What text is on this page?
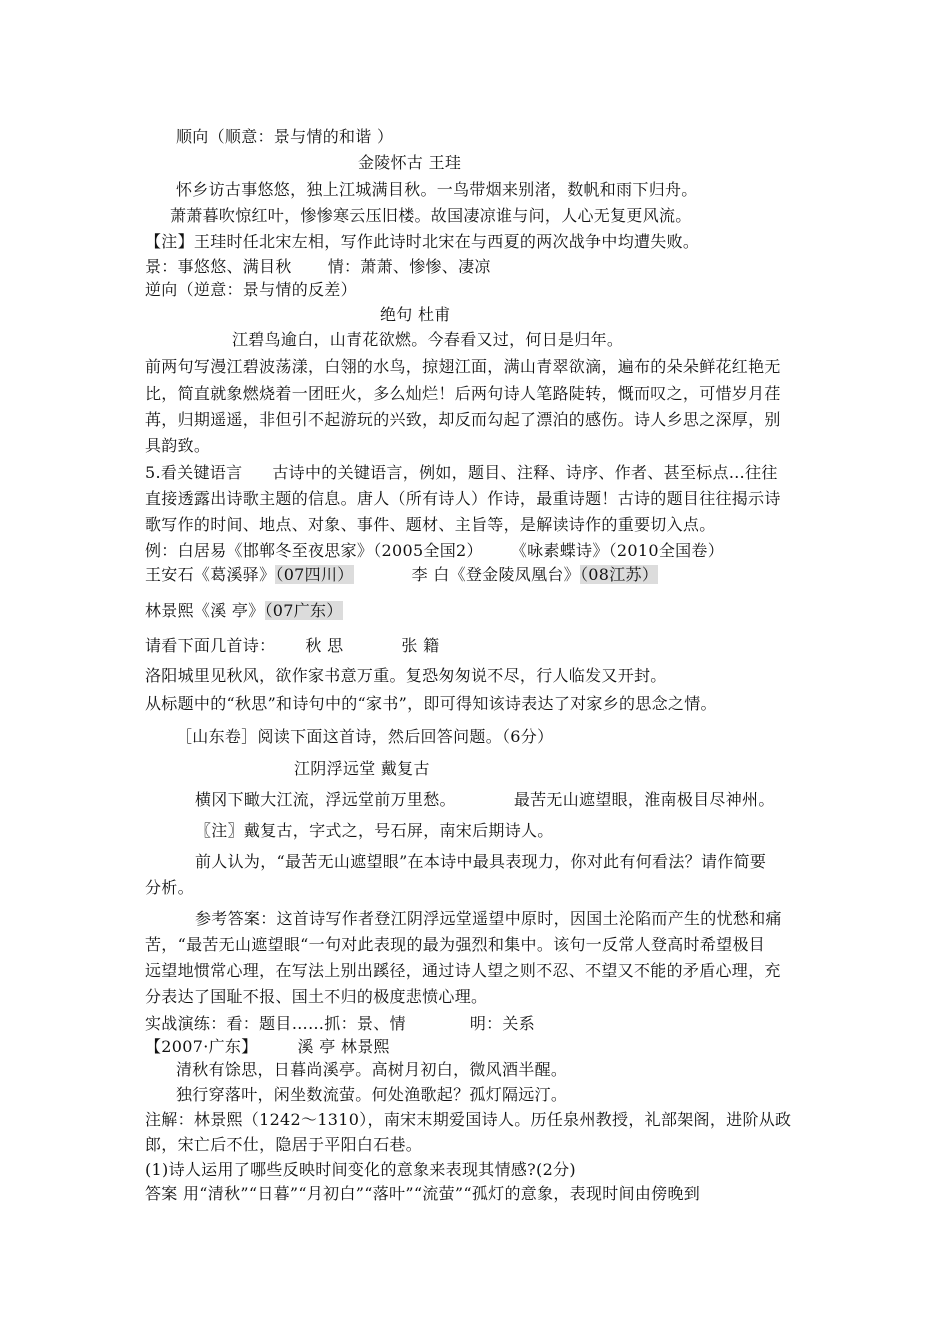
顺向（顺意：景与情的和谐 ）
金陵怀古 王珪
怀乡访古事悠悠，独上江城满目秋。一鸟带烟来别渚，数帆和雨下归舟。
萧萧暮吹惊红叶，惨惨寒云压旧楼。故国凄凉谁与问，人心无复更风流。
【注】王珪时任北宋左相，写作此诗时北宋在与西夏的两次战争中均遭失败。
景：事悠悠、满目秋 情：萧萧、惨惨、凄凉
逆向（逆意：景与情的反差）
绝句 杜甫
江碧鸟逾白，山青花欲燃。今春看又过，何日是归年。
前两句写漫江碧波荡漾，白翎的水鸟，掠翅江面，满山青翠欲滴，遍布的朵朵鲜花红艳无
比，简直就象燃烧着一团旺火，多么灿烂！后两句诗人笔路陡转，慨而叹之，可惜岁月荏
苒，归期遥遥，非但引不起游玩的兴致，却反而勾起了漂泊的感伤。诗人乡思之深厚，别
具韵致。
5.看关键语言 古诗中的关键语言，例如，题目、注释、诗序、作者、甚至标点…往往
直接透露出诗歌主题的信息。唐人（所有诗人）作诗，最重诗题！古诗的题目往往揭示诗
歌写作的时间、地点、对象、事件、题材、主旨等，是解读诗作的重要切入点。
例：白居易《邯郸冬至夜思家》（2005全国2） 《咏素蝶诗》（2010全国卷）
王安石《葛溪驿》（07四川）	李 白《登金陵凤凰台》（08江苏）
林景熙《溪 亭》（07广东）
请看下面几首诗： 秋 思	张 籍
洛阳城里见秋风，欲作家书意万重。复恐匆匆说不尽，行人临发又开封。
从标题中的“秋思”和诗句中的“家书”，即可得知该诗表达了对家乡的思念之情。
［山东卷］阅读下面这首诗，然后回答问题。（6分）
江阴浮远堂 戴复古
横冈下瞰大江流，浮远堂前万里愁。	最苦无山遮望眼，淮南极目尽神州。
〖注〗戴复古，字式之，号石屏，南宋后期诗人。
前人认为，“最苦无山遮望眼”在本诗中最具表现力，你对此有何看法？请作简要
分析。
参考答案：这首诗写作者登江阴浮远堂遥望中原时，因国土沦陷而产生的忧愁和痛
苦，“最苦无山遮望眼“一句对此表现的最为强烈和集中。该句一反常人登高时希望极目
远望地惯常心理，在写法上别出蹊径，通过诗人望之则不忍、不望又不能的矛盾心理，充
分表达了国耻不报、国土不归的极度悲愤心理。
实战演练：看：题目……抓：景、情	明：关系
【2007·广东】	溪 亭 林景熙
清秋有馀思，日暮尚溪亭。高树月初白，微风酒半醒。
独行穿落叶，闲坐数流萤。何处渔歌起？孤灯隔远汀。
注解：林景熙（1242～1310），南宋末期爱国诗人。历任泉州教授，礼部架阁，进阶从政
郎，宋亡后不仕，隐居于平阳白石巷。
(1)诗人运用了哪些反映时间变化的意象来表现其情感?(2分)
答案 用“清秋”“日暮”“月初白”“落叶”“流萤”“孤灯的意象，表现时间由傍晚到
